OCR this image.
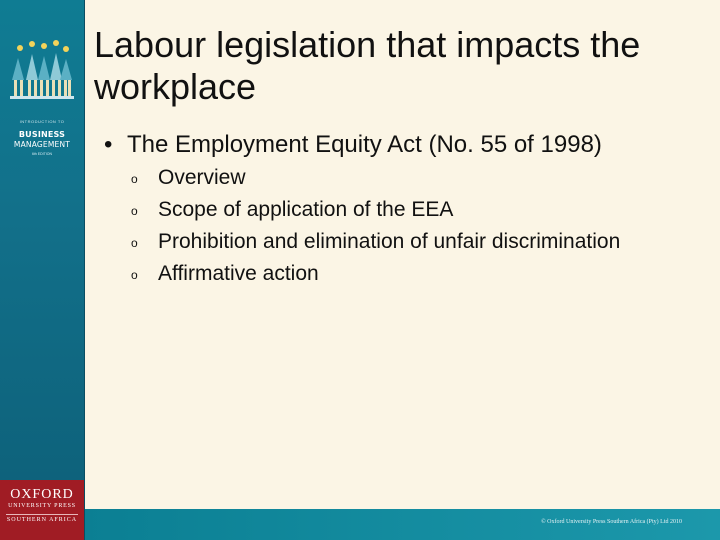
INTRODUCTION TO
BUSINESS
MANAGEMENT
6th EDITION
OXFORD
UNIVERSITY PRESS
SOUTHERN AFRICA	© Oxford University Press Southern Africa (Pty) Ltd 2010
Labour legislation that impacts the workplace
• The Employment Equity Act (No. 55 of 1998)
o Overview
o Scope of application of the EEA
o Prohibition and elimination of unfair discrimination
o Affirmative action
